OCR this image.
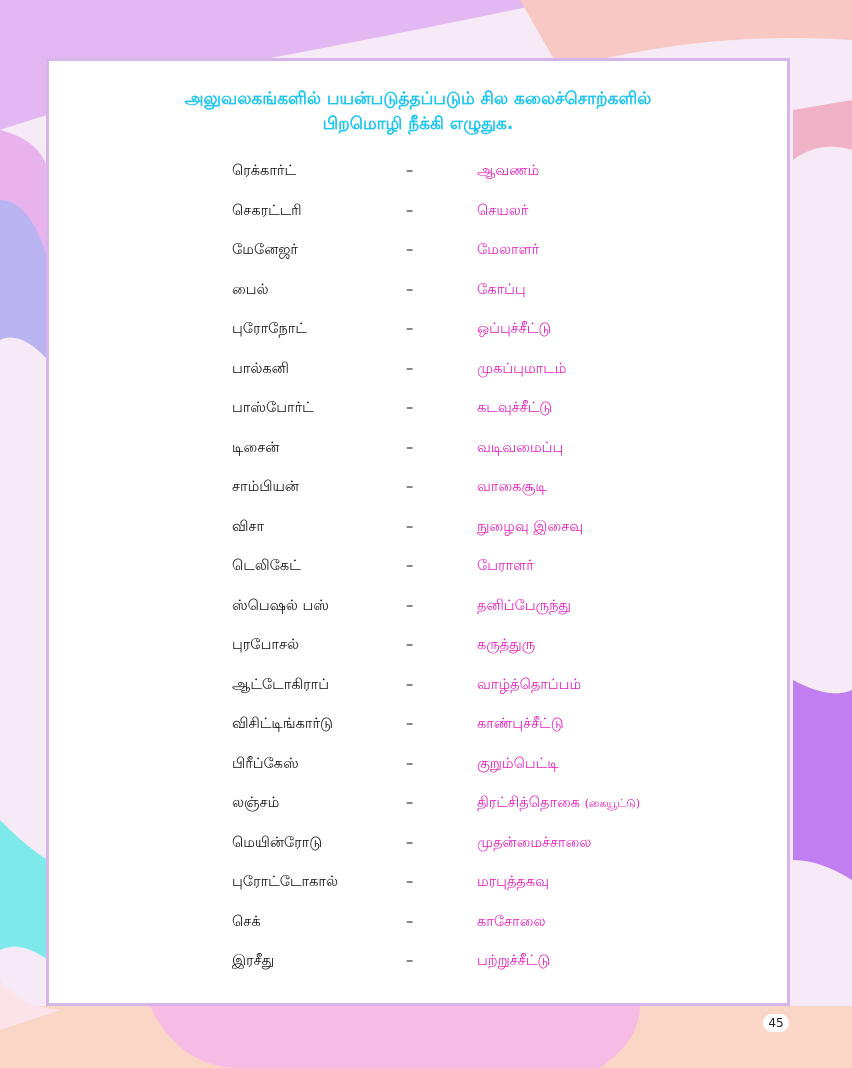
அலுவலகங்களில் பயன்படுத்தப்படும் சில கலைச்சொற்களில்
பிறமொழி நீக்கி எழுதுக.
ரெக்கார்ட்	–	ஆவணம்
செகரட்டரி	–	செயலர்
மேனேஜர்	–	மேலாளர்
பைல்	–	கோப்பு
புரோநோட்	–	ஒப்புச்சீட்டு
பால்கனி	–	முகப்புமாடம்
பாஸ்போர்ட்	–	கடவுச்சீட்டு
டிசைன்	–	வடிவமைப்பு
சாம்பியன்	–	வாகைசூடி
விசா	–	நுழைவு இசைவு
டெலிகேட்	–	பேராளர்
ஸ்பெஷல் பஸ்	–	தனிப்பேருந்து
புரபோசல்	–	கருத்துரு
ஆட்டோகிராப்	–	வாழ்த்தொப்பம்
விசிட்டிங்கார்டு	–	காண்புச்சீட்டு
பிரீப்கேஸ்	–	குறும்பெட்டி
லஞ்சம்	–	திரட்சித்தொகை (கையூட்டு)
மெயின்ரோடு	–	முதன்மைச்சாலை
புரோட்டோகால்	–	மரபுத்தகவு
செக்	–	காசோலை
இரசீது	–	பற்றுச்சீட்டு
45
